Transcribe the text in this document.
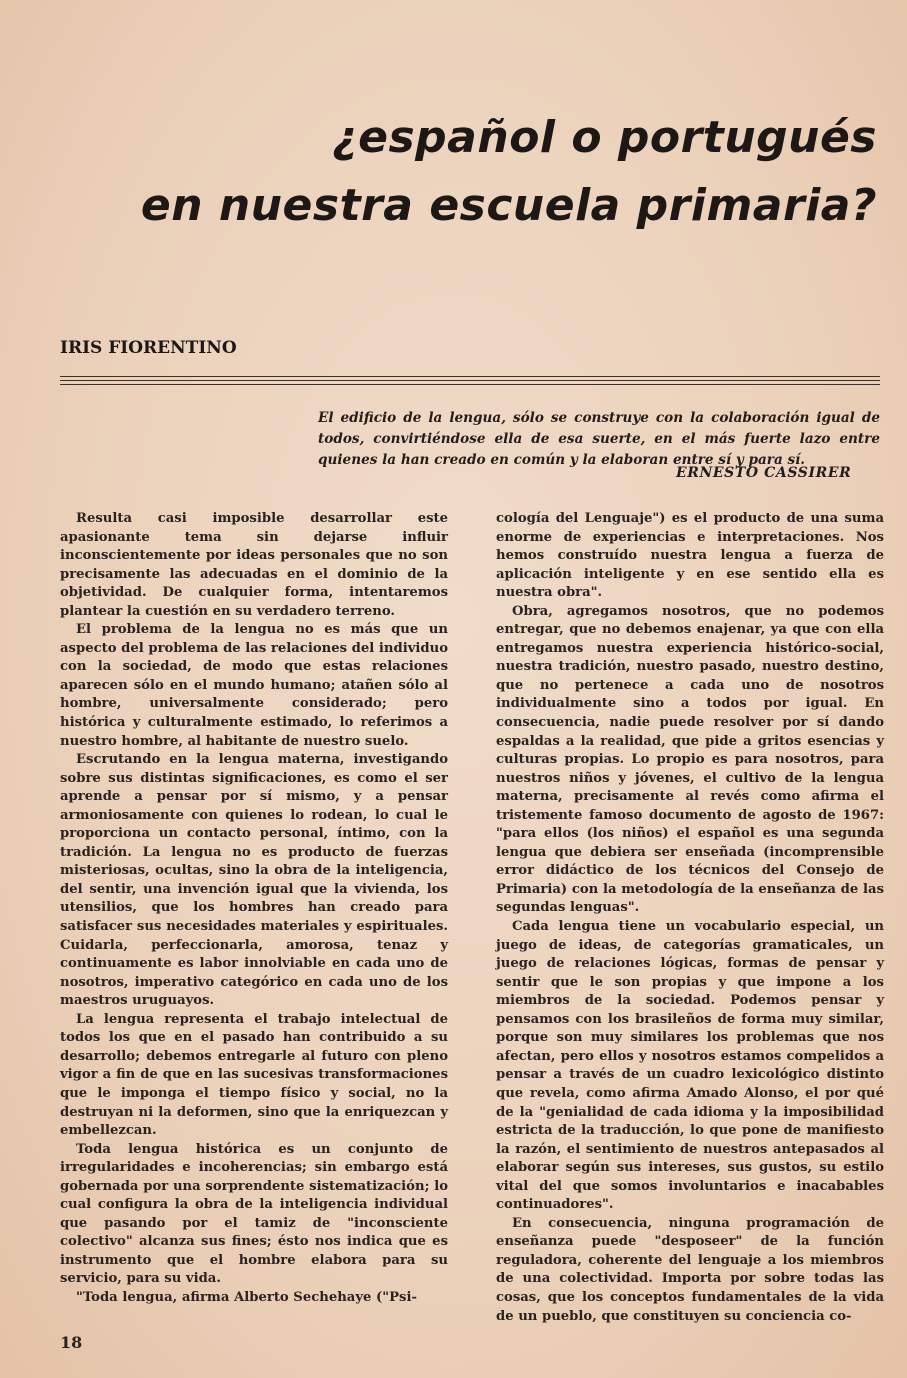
¿español o portugués
en nuestra escuela primaria?

IRIS FIORENTINO

El edificio de la lengua, sólo se construye con la colaboración igual de todos, convirtiéndose ella de esa suerte, en el más fuerte lazo entre quienes la han creado en común y la elaboran entre sí y para sí.

ERNESTO CASSIRER

Resulta casi imposible desarrollar este apasionante tema sin dejarse influir inconscientemente por ideas personales que no son precisamente las adecuadas en el dominio de la objetividad. De cualquier forma, intentaremos plantear la cuestión en su verdadero terreno.

El problema de la lengua no es más que un aspecto del problema de las relaciones del individuo con la sociedad, de modo que estas relaciones aparecen sólo en el mundo humano; atañen sólo al hombre, universalmente considerado; pero histórica y culturalmente estimado, lo referimos a nuestro hombre, al habitante de nuestro suelo.

Escrutando en la lengua materna, investigando sobre sus distintas significaciones, es como el ser aprende a pensar por sí mismo, y a pensar armoniosamente con quienes lo rodean, lo cual le proporciona un contacto personal, íntimo, con la tradición. La lengua no es producto de fuerzas misteriosas, ocultas, sino la obra de la inteligencia, del sentir, una invención igual que la vivienda, los utensilios, que los hombres han creado para satisfacer sus necesidades materiales y espirituales. Cuidarla, perfeccionarla, amorosa, tenaz y continuamente es labor innolviable en cada uno de nosotros, imperativo categórico en cada uno de los maestros uruguayos.

La lengua representa el trabajo intelectual de todos los que en el pasado han contribuido a su desarrollo; debemos entregarle al futuro con pleno vigor a fin de que en las sucesivas transformaciones que le imponga el tiempo físico y social, no la destruyan ni la deformen, sino que la enriquezcan y embellezcan.

Toda lengua histórica es un conjunto de irregularidades e incoherencias; sin embargo está gobernada por una sorprendente sistematización; lo cual configura la obra de la inteligencia individual que pasando por el tamiz de "inconsciente colectivo" alcanza sus fines; ésto nos indica que es instrumento que el hombre elabora para su servicio, para su vida.

"Toda lengua, afirma Alberto Sechehaye ("Psi-

cología del Lenguaje") es el producto de una suma enorme de experiencias e interpretaciones. Nos hemos construído nuestra lengua a fuerza de aplicación inteligente y en ese sentido ella es nuestra obra".

Obra, agregamos nosotros, que no podemos entregar, que no debemos enajenar, ya que con ella entregamos nuestra experiencia histórico-social, nuestra tradición, nuestro pasado, nuestro destino, que no pertenece a cada uno de nosotros individualmente sino a todos por igual. En consecuencia, nadie puede resolver por sí dando espaldas a la realidad, que pide a gritos esencias y culturas propias. Lo propio es para nosotros, para nuestros niños y jóvenes, el cultivo de la lengua materna, precisamente al revés como afirma el tristemente famoso documento de agosto de 1967: "para ellos (los niños) el español es una segunda lengua que debiera ser enseñada (incomprensible error didáctico de los técnicos del Consejo de Primaria) con la metodología de la enseñanza de las segundas lenguas".

Cada lengua tiene un vocabulario especial, un juego de ideas, de categorías gramaticales, un juego de relaciones lógicas, formas de pensar y sentir que le son propias y que impone a los miembros de la sociedad. Podemos pensar y pensamos con los brasileños de forma muy similar, porque son muy similares los problemas que nos afectan, pero ellos y nosotros estamos compelidos a pensar a través de un cuadro lexicológico distinto que revela, como afirma Amado Alonso, el por qué de la "genialidad de cada idioma y la imposibilidad estricta de la traducción, lo que pone de manifiesto la razón, el sentimiento de nuestros antepasados al elaborar según sus intereses, sus gustos, su estilo vital del que somos involuntarios e inacabables continuadores".

En consecuencia, ninguna programación de enseñanza puede "desposeer" de la función reguladora, coherente del lenguaje a los miembros de una colectividad. Importa por sobre todas las cosas, que los conceptos fundamentales de la vida de un pueblo, que constituyen su conciencia co-

18
